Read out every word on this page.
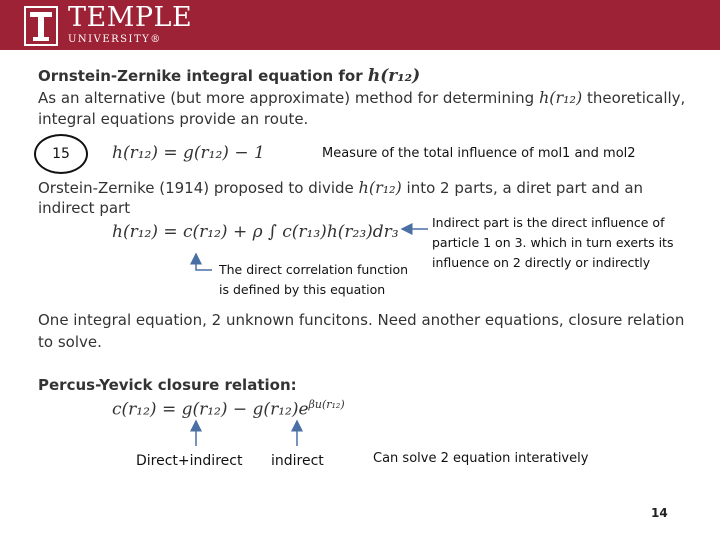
TEMPLE
UNIVERSITY®
Ornstein-Zernike integral equation for h(r₁₂)
As an alternative (but more approximate) method for determining h(r₁₂) theoretically,
integral equations provide an route.
15	h(r₁₂) = g(r₁₂) − 1	Measure of the total influence of mol1 and mol2
Orstein-Zernike (1914) proposed to divide h(r₁₂) into 2 parts, a diret part and an
indirect part
h(r₁₂) = c(r₁₂) + ρ ∫ c(r₁₃)h(r₂₃)dr₃	Indirect part is the direct influence of
particle 1 on 3. which in turn exerts its
influence on 2 directly or indirectly
The direct correlation function
is defined by this equation
One integral equation, 2 unknown funcitons. Need another equations, closure relation
to solve.
Percus-Yevick closure relation:
$c(r_{12}) = g(r_{12}) - g(r_{12})e^{\beta u(r_{12})}$
Direct+indirect indirect	Can solve 2 equation interatively
14
